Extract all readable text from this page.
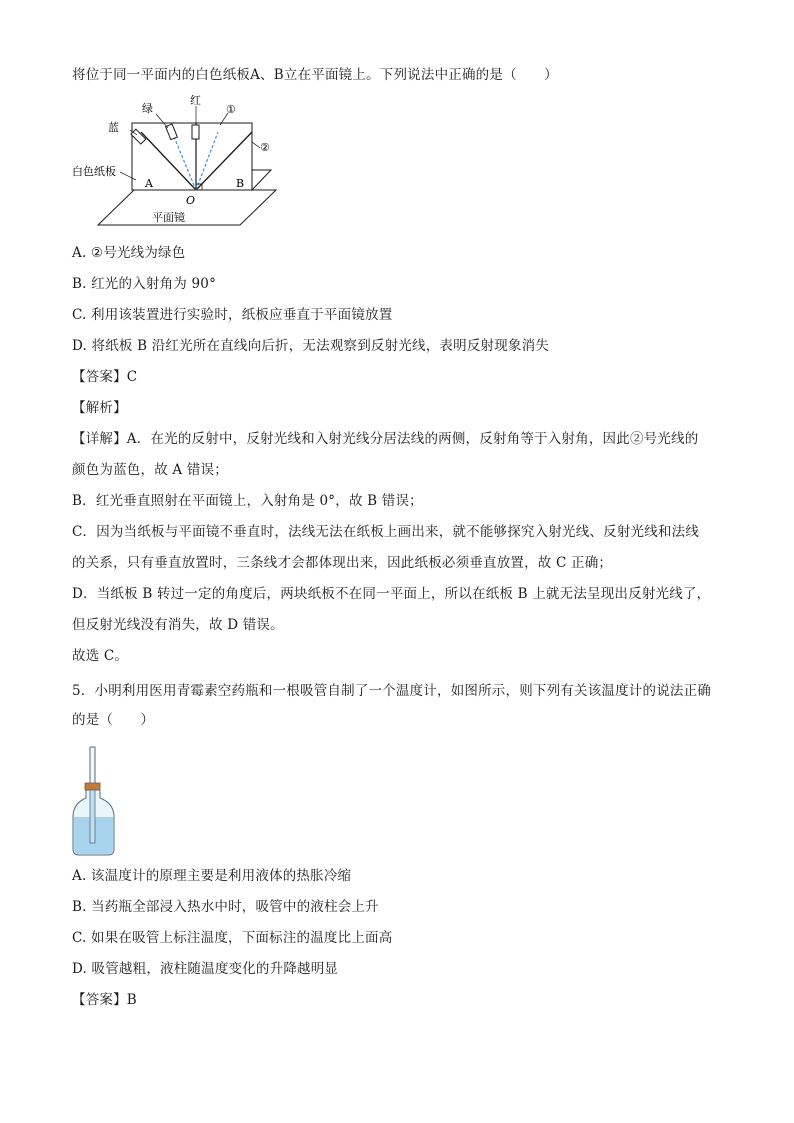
将位于同一平面内的白色纸板A、B立在平面镜上。下列说法中正确的是（　　）
蓝
绿
红
①
②
白色纸板
A	B
O
平面镜
A. ②号光线为绿色
B. 红光的入射角为 90°
C. 利用该装置进行实验时，纸板应垂直于平面镜放置
D. 将纸板 B 沿红光所在直线向后折，无法观察到反射光线，表明反射现象消失
【答案】C
【解析】
【详解】A．在光的反射中，反射光线和入射光线分居法线的两侧，反射角等于入射角，因此②号光线的
颜色为蓝色，故 A 错误；
B．红光垂直照射在平面镜上，入射角是 0°，故 B 错误；
C．因为当纸板与平面镜不垂直时，法线无法在纸板上画出来，就不能够探究入射光线、反射光线和法线
的关系，只有垂直放置时，三条线才会都体现出来，因此纸板必须垂直放置，故 C 正确；
D．当纸板 B 转过一定的角度后，两块纸板不在同一平面上，所以在纸板 B 上就无法呈现出反射光线了，
但反射光线没有消失，故 D 错误。
故选 C。
5．小明利用医用青霉素空药瓶和一根吸管自制了一个温度计，如图所示，则下列有关该温度计的说法正确
的是（　　）
A. 该温度计的原理主要是利用液体的热胀冷缩
B. 当药瓶全部浸入热水中时，吸管中的液柱会上升
C. 如果在吸管上标注温度，下面标注的温度比上面高
D. 吸管越粗，液柱随温度变化的升降越明显
【答案】B
